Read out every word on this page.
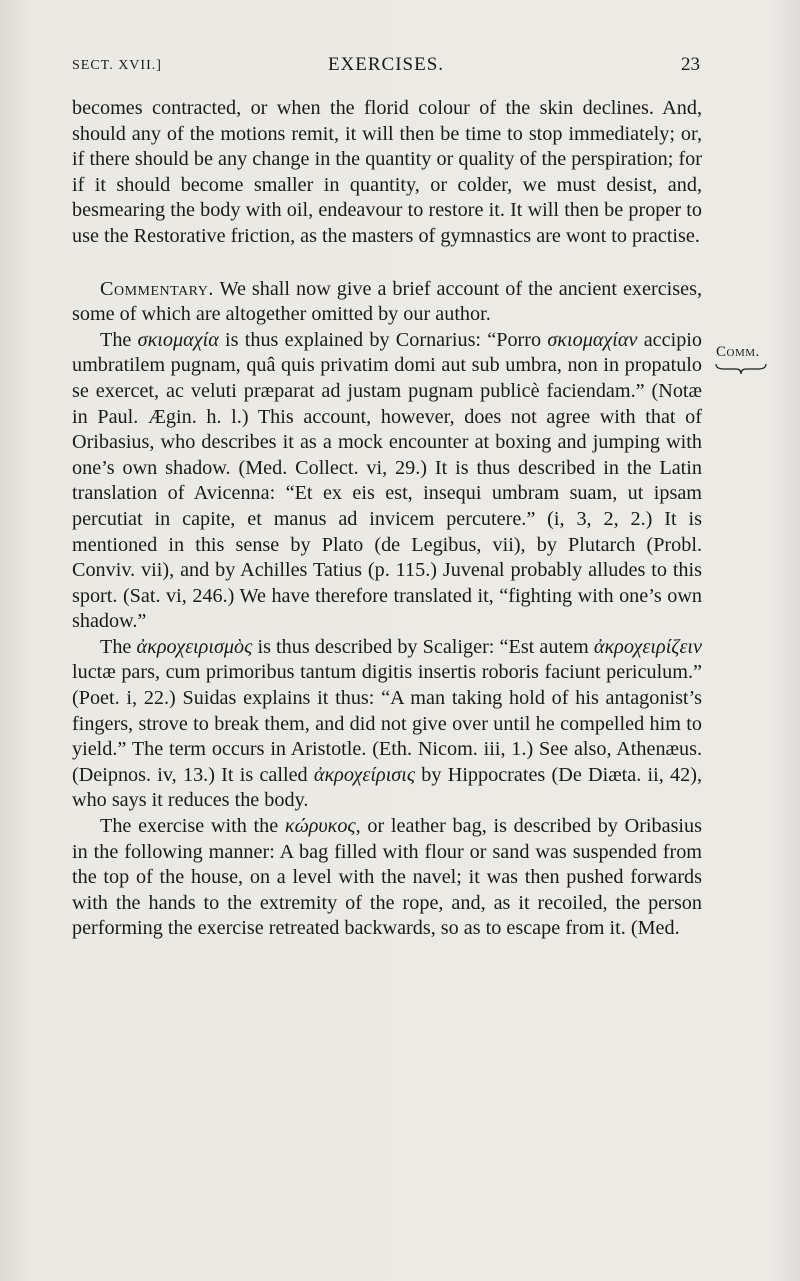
SECT. XVII.]	EXERCISES.	23
Comm.

becomes contracted, or when the florid colour of the skin declines. And, should any of the motions remit, it will then be time to stop immediately; or, if there should be any change in the quantity or quality of the perspiration; for if it should become smaller in quantity, or colder, we must desist, and, besmearing the body with oil, endeavour to restore it. It will then be proper to use the Restorative friction, as the masters of gymnastics are wont to practise.

Commentary. We shall now give a brief account of the ancient exercises, some of which are altogether omitted by our author.

The σκιομαχία is thus explained by Cornarius: “Porro σκιομαχίαν accipio umbratilem pugnam, quâ quis privatim domi aut sub umbra, non in propatulo se exercet, ac veluti præparat ad justam pugnam publicè faciendam.” (Notæ in Paul. Ægin. h. l.) This account, however, does not agree with that of Oribasius, who describes it as a mock encounter at boxing and jumping with one’s own shadow. (Med. Collect. vi, 29.) It is thus described in the Latin translation of Avicenna: “Et ex eis est, insequi umbram suam, ut ipsam percutiat in capite, et manus ad invicem percutere.” (i, 3, 2, 2.) It is mentioned in this sense by Plato (de Legibus, vii), by Plutarch (Probl. Conviv. vii), and by Achilles Tatius (p. 115.) Juvenal probably alludes to this sport. (Sat. vi, 246.) We have therefore translated it, “fighting with one’s own shadow.”

The ἀκροχειρισμὸς is thus described by Scaliger: “Est autem ἀκροχειρίζειν luctæ pars, cum primoribus tantum digitis insertis roboris faciunt periculum.” (Poet. i, 22.) Suidas explains it thus: “A man taking hold of his antagonist’s fingers, strove to break them, and did not give over until he compelled him to yield.” The term occurs in Aristotle. (Eth. Nicom. iii, 1.) See also, Athenæus. (Deipnos. iv, 13.) It is called ἀκροχείρισις by Hippocrates (De Diæta. ii, 42), who says it reduces the body.

The exercise with the κώρυκος, or leather bag, is described by Oribasius in the following manner: A bag filled with flour or sand was suspended from the top of the house, on a level with the navel; it was then pushed forwards with the hands to the extremity of the rope, and, as it recoiled, the person performing the exercise retreated backwards, so as to escape from it. (Med.
